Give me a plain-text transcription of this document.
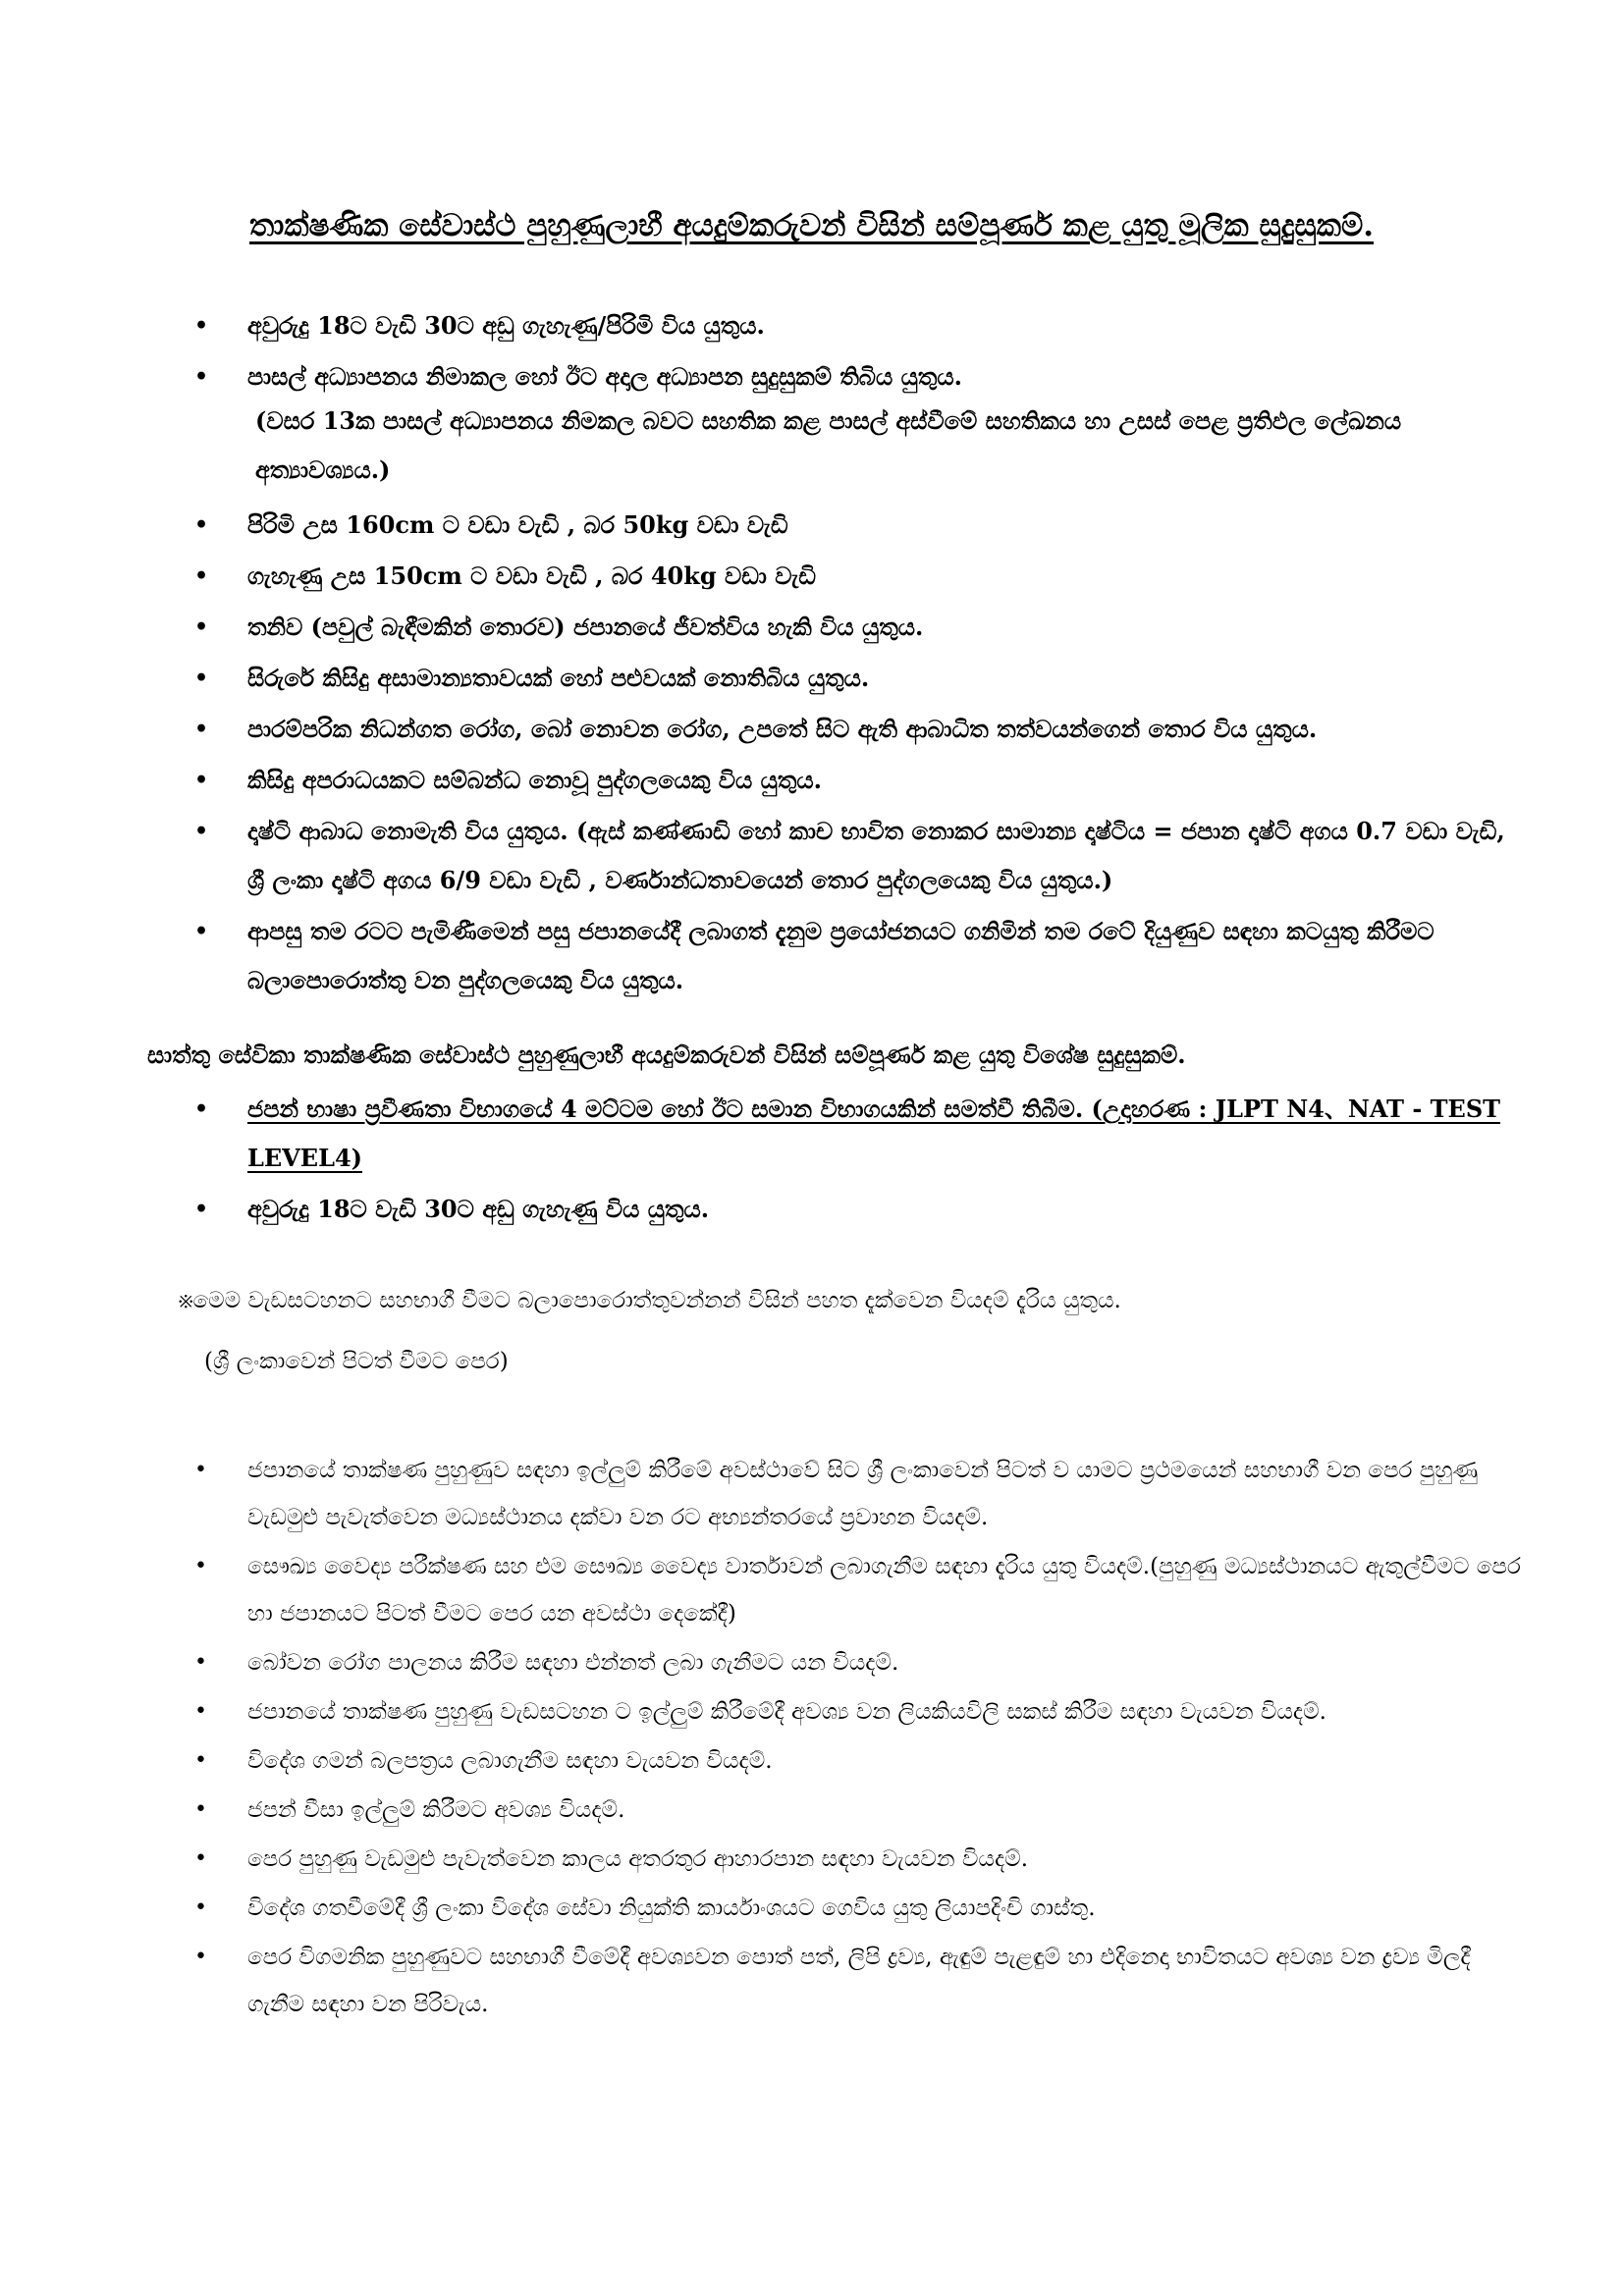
තාක්ෂණික සේවාස්ථ පුහුණුලාභී අයදුම්කරුවන් විසින් සම්පූර්ණ කළ යුතු මූලික සුදුසුකම්.
• අවුරුදු 18ට වැඩි 30ට අඩු ගැහැණු/පිරිමි විය යුතුය.
• පාසල් අධ්‍යාපනය නිමාකල හෝ ඊට අදාල අධ්‍යාපන සුදුසුකම් තිබිය යුතුය.
(වසර 13ක පාසල් අධ්‍යාපනය නිමකල බවට සහතික කළ පාසල් අස්වීමේ සහතිකය හා උසස් පෙළ ප්‍රතිඵල ලේඛනය අත්‍යාවශ්‍යය.)
• පිරිමි උස 160cm ට වඩා වැඩි , බර 50kg වඩා වැඩි
• ගැහැණු උස 150cm ට වඩා වැඩි , බර 40kg වඩා වැඩි
• තනිව (පවුල් බැඳීමකින් තොරව) ජපානයේ ජීවත්විය හැකි විය යුතුය.
• සිරුරේ කිසිදු අසාමාන්‍යතාවයක් හෝ පළුවයක් නොතිබිය යුතුය.
• පාරම්පරික නිධන්ගත රෝග, බෝ නොවන රෝග, උපතේ සිට ඇති ආබාධිත තත්වයන්ගෙන් තොර විය යුතුය.
• කිසිදු අපරාධයකට සම්බන්ධ නොවූ පුද්ගලයෙකු විය යුතුය.
• දෘෂ්ටි ආබාධ නොමැති විය යුතුය. (ඇස් කණ්ණාඩි හෝ කාච භාවිත නොකර සාමාන්‍ය දෘෂ්ටිය = ජපාන දෘෂ්ටි අගය 0.7 වඩා වැඩි, ශ්‍රී ලංකා දෘෂ්ටි අගය 6/9 වඩා වැඩි , වර්ණාන්ධතාවයෙන් තොර පුද්ගලයෙකු විය යුතුය.)
• ආපසු තම රටට පැමිණීමෙන් පසු ජපානයේදී ලබාගත් දැනුම ප්‍රයෝජනයට ගනිමින් තම රටේ දියුණුව සඳහා කටයුතු කිරීමට බලාපොරොත්තු වන පුද්ගලයෙකු විය යුතුය.
සාත්තු සේවිකා තාක්ෂණික සේවාස්ථ පුහුණුලාභී අයදුම්කරුවන් විසින් සම්පූර්ණ කළ යුතු විශේෂ සුදුසුකම්.
• ජපන් භාෂා ප්‍රවීණතා විභාගයේ 4 මට්ටම හෝ ඊට සමාන විභාගයකින් සමත්වී තිබීම. (උදාහරණ : JLPT N4、NAT - TEST LEVEL4)
• අවුරුදු 18ට වැඩි 30ට අඩු ගැහැණු විය යුතුය.
※මෙම වැඩසටහනට සහභාගී වීමට බලාපොරොත්තුවන්නන් විසින් පහත දැක්වෙන වියදම් දැරිය යුතුය.
(ශ්‍රී ලංකාවෙන් පිටත් වීමට පෙර)
• ජපානයේ තාක්ෂණ පුහුණුව සඳහා ඉල්ලුම් කිරීමේ අවස්ථාවේ සිට ශ්‍රී ලංකාවෙන් පිටත් ව යාමට ප්‍රථමයෙන් සහභාගී වන පෙර පුහුණු වැඩමුළු පැවැත්වෙන මධ්‍යස්ථානය දක්වා වන රට අභ්‍යන්තරයේ ප්‍රවාහන වියදම්.
• සෞඛ්‍ය වෛද්‍ය පරීක්ෂණ සහ එම සෞඛ්‍ය වෛද්‍ය වාර්තාවන් ලබාගැනීම සඳහා දැරිය යුතු වියදම්.(පුහුණු මධ්‍යස්ථානයට ඇතුල්වීමට පෙර හා ජපානයට පිටත් වීමට පෙර යන අවස්ථා දෙකේදී)
• බෝවන රෝග පාලනය කිරීම සඳහා එන්නත් ලබා ගැනීමට යන වියදම්.
• ජපානයේ තාක්ෂණ පුහුණු වැඩසටහන ට ඉල්ලුම් කිරීමේදී අවශ්‍ය වන ලියකියවිලි සකස් කිරීම සඳහා වැයවන වියදම්.
• විදේශ ගමන් බලපත්‍රය ලබාගැනීම සඳහා වැයවන වියදම්.
• ජපන් වීසා ඉල්ලුම් කිරීමට අවශ්‍ය වියදම්.
• පෙර පුහුණු වැඩමුළු පැවැත්වෙන කාලය අතරතුර ආහාරපාන සඳහා වැයවන වියදම්.
• විදේශ ගතවීමේදී ශ්‍රී ලංකා විදේශ සේවා නියුක්ති කාර්යාංශයට ගෙවිය යුතු ලියාපදිංචි ගාස්තු.
• පෙර විගමනික පුහුණුවට සහභාගී වීමේදී අවශ්‍යවන පොත් පත්, ලිපි ද්‍රව්‍ය, ඇඳුම් පැළඳුම් හා එදිනෙදා භාවිතයට අවශ්‍ය වන ද්‍රව්‍ය මිලදී ගැනීම සඳහා වන පිරිවැය.
